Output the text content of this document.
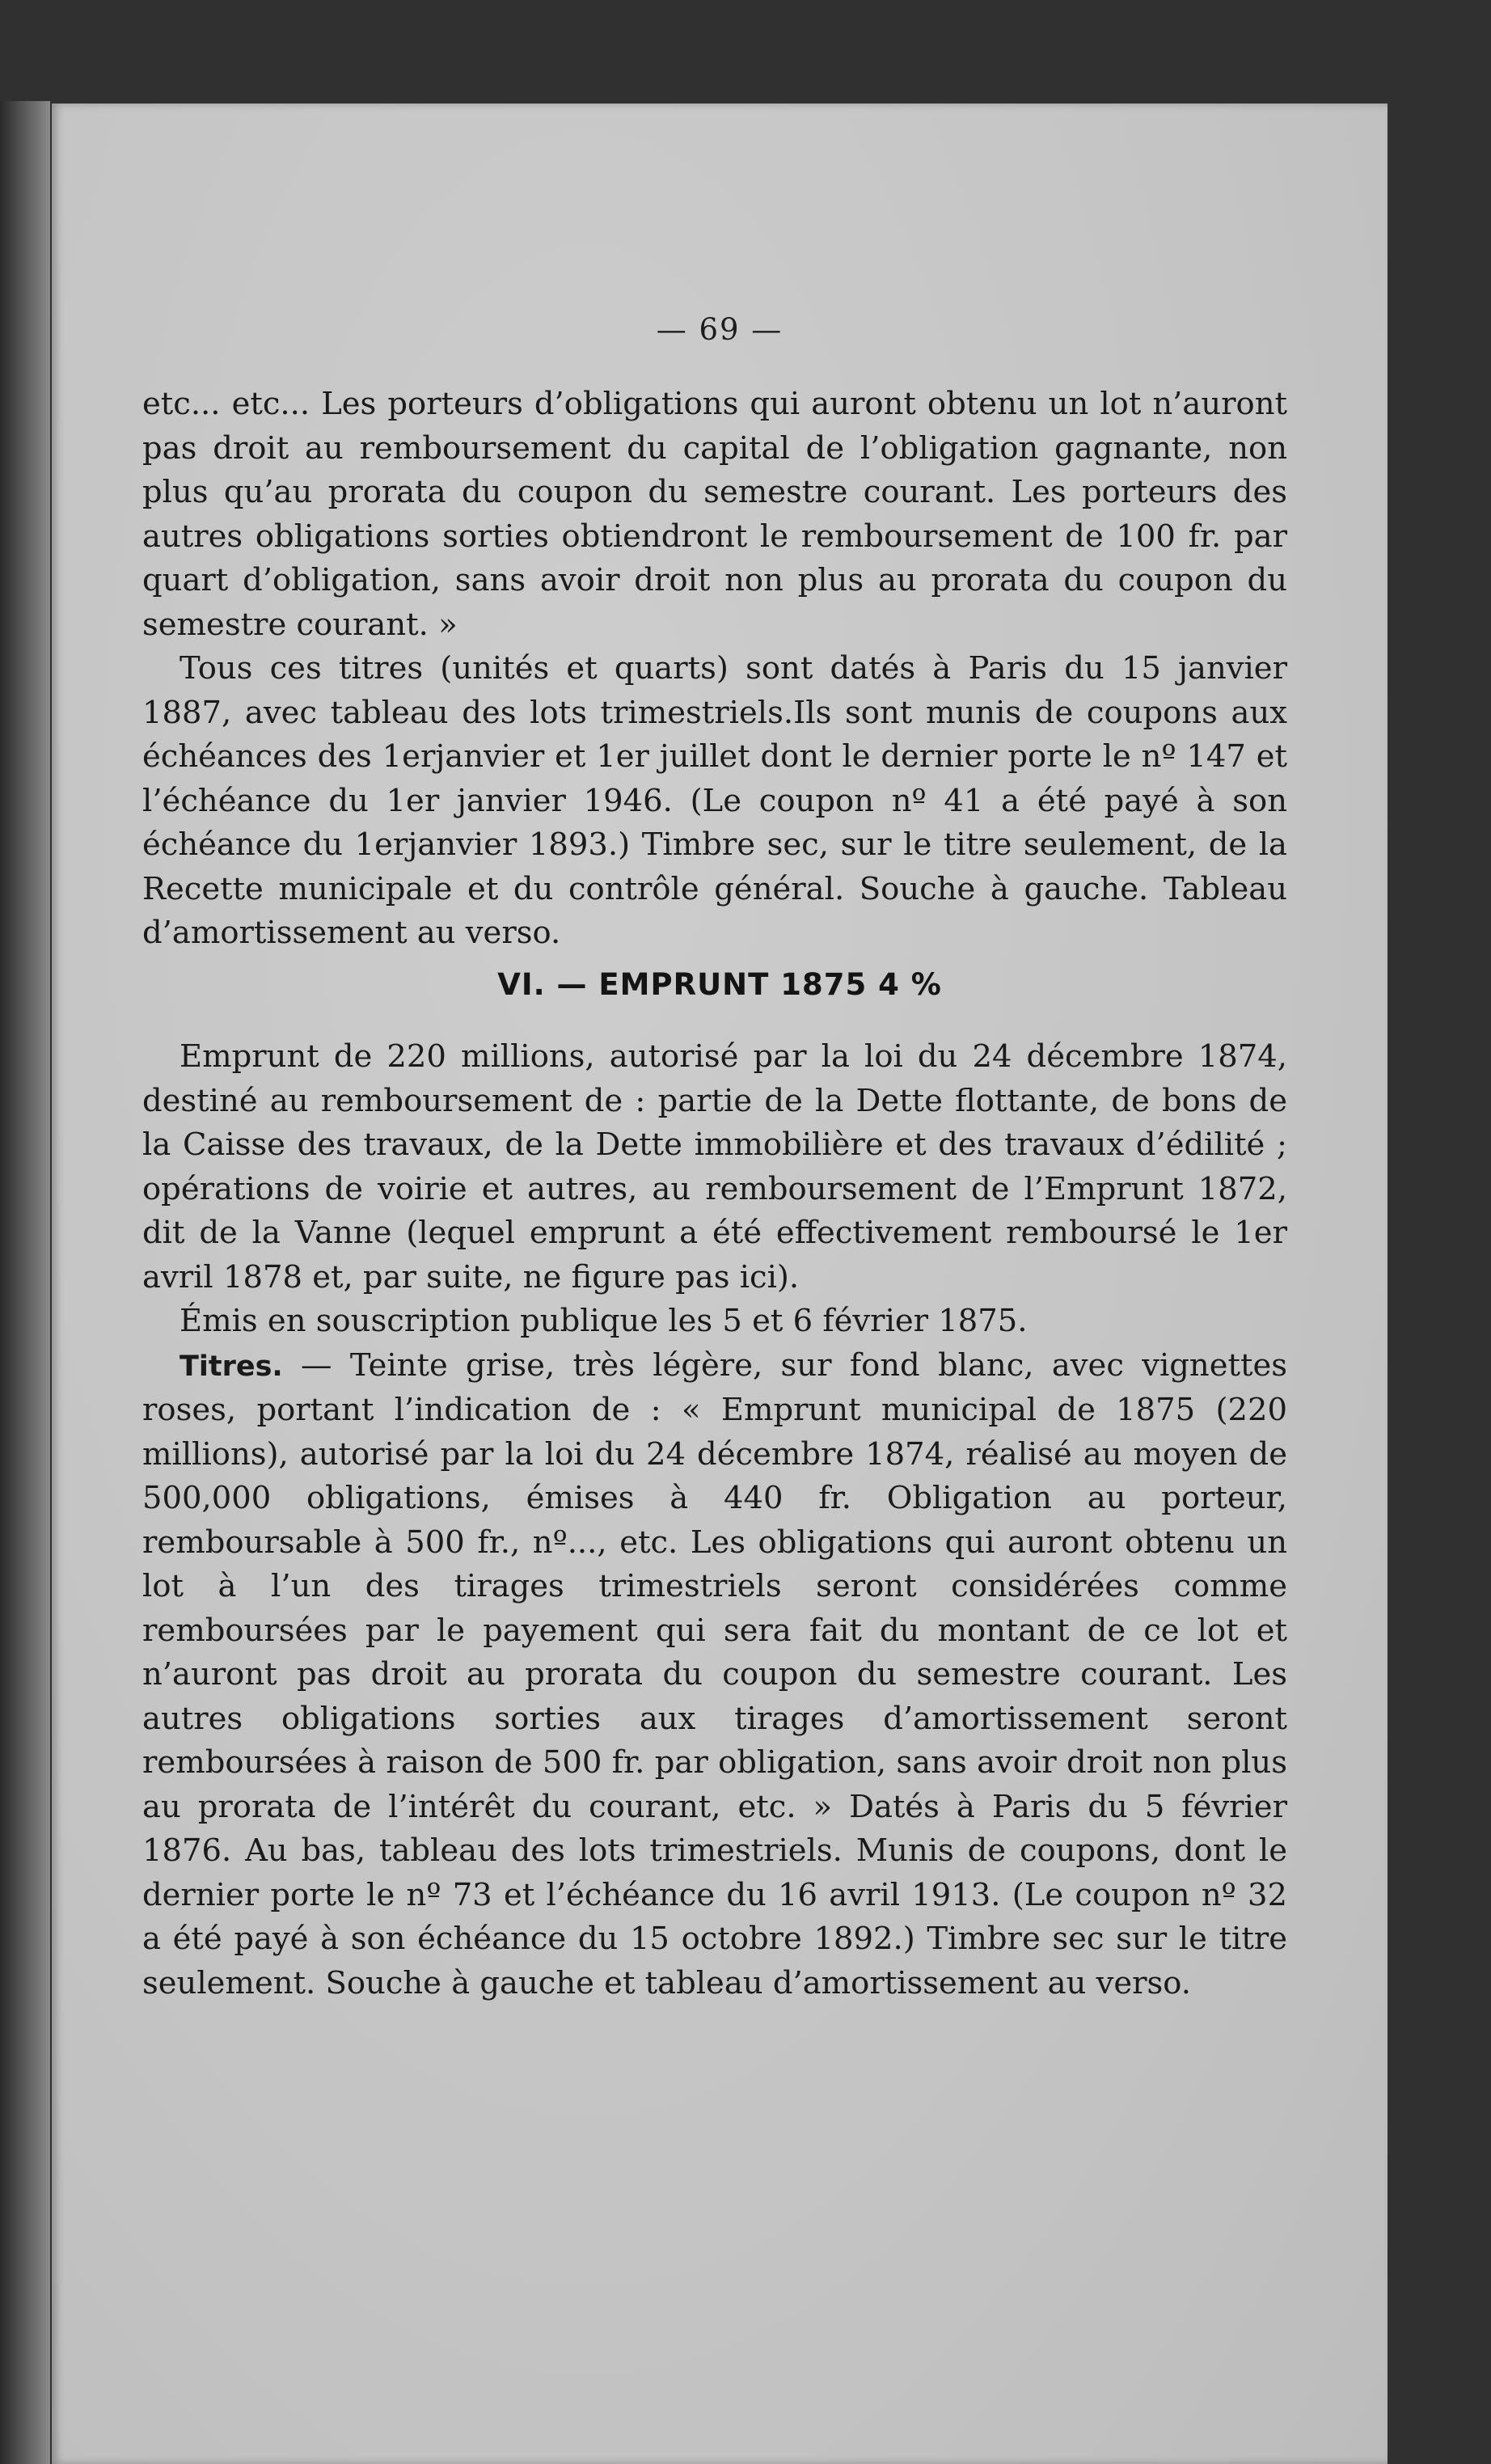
— 69 —

etc... etc... Les porteurs d’obligations qui auront obtenu un lot n’auront pas droit au remboursement du capital de l’obligation gagnante, non plus qu’au prorata du coupon du semestre courant. Les porteurs des autres obligations sorties obtiendront le remboursement de 100 fr. par quart d’obligation, sans avoir droit non plus au prorata du coupon du semestre courant. »

Tous ces titres (unités et quarts) sont datés à Paris du 15 janvier 1887, avec tableau des lots trimestriels.Ils sont munis de coupons aux échéances des 1erjanvier et 1er juillet dont le dernier porte le nº 147 et l’échéance du 1er janvier 1946. (Le coupon nº 41 a été payé à son échéance du 1erjanvier 1893.) Timbre sec, sur le titre seulement, de la Recette municipale et du contrôle général. Souche à gauche. Tableau d’amortissement au verso.

VI. — EMPRUNT 1875 4 %

Emprunt de 220 millions, autorisé par la loi du 24 décembre 1874, destiné au remboursement de : partie de la Dette flottante, de bons de la Caisse des travaux, de la Dette immobilière et des travaux d’édilité ; opérations de voirie et autres, au remboursement de l’Emprunt 1872, dit de la Vanne (lequel emprunt a été effectivement remboursé le 1er avril 1878 et, par suite, ne figure pas ici).

Émis en souscription publique les 5 et 6 février 1875.

Titres. — Teinte grise, très légère, sur fond blanc, avec vignettes roses, portant l’indication de : « Emprunt municipal de 1875 (220 millions), autorisé par la loi du 24 décembre 1874, réalisé au moyen de 500,000 obligations, émises à 440 fr. Obligation au porteur, remboursable à 500 fr., nº..., etc. Les obligations qui auront obtenu un lot à l’un des tirages trimestriels seront considérées comme remboursées par le payement qui sera fait du montant de ce lot et n’auront pas droit au prorata du coupon du semestre courant. Les autres obligations sorties aux tirages d’amortissement seront remboursées à raison de 500 fr. par obligation, sans avoir droit non plus au prorata de l’intérêt du courant, etc. » Datés à Paris du 5 février 1876. Au bas, tableau des lots trimestriels. Munis de coupons, dont le dernier porte le nº 73 et l’échéance du 16 avril 1913. (Le coupon nº 32 a été payé à son échéance du 15 octobre 1892.) Timbre sec sur le titre seulement. Souche à gauche et tableau d’amortissement au verso.
